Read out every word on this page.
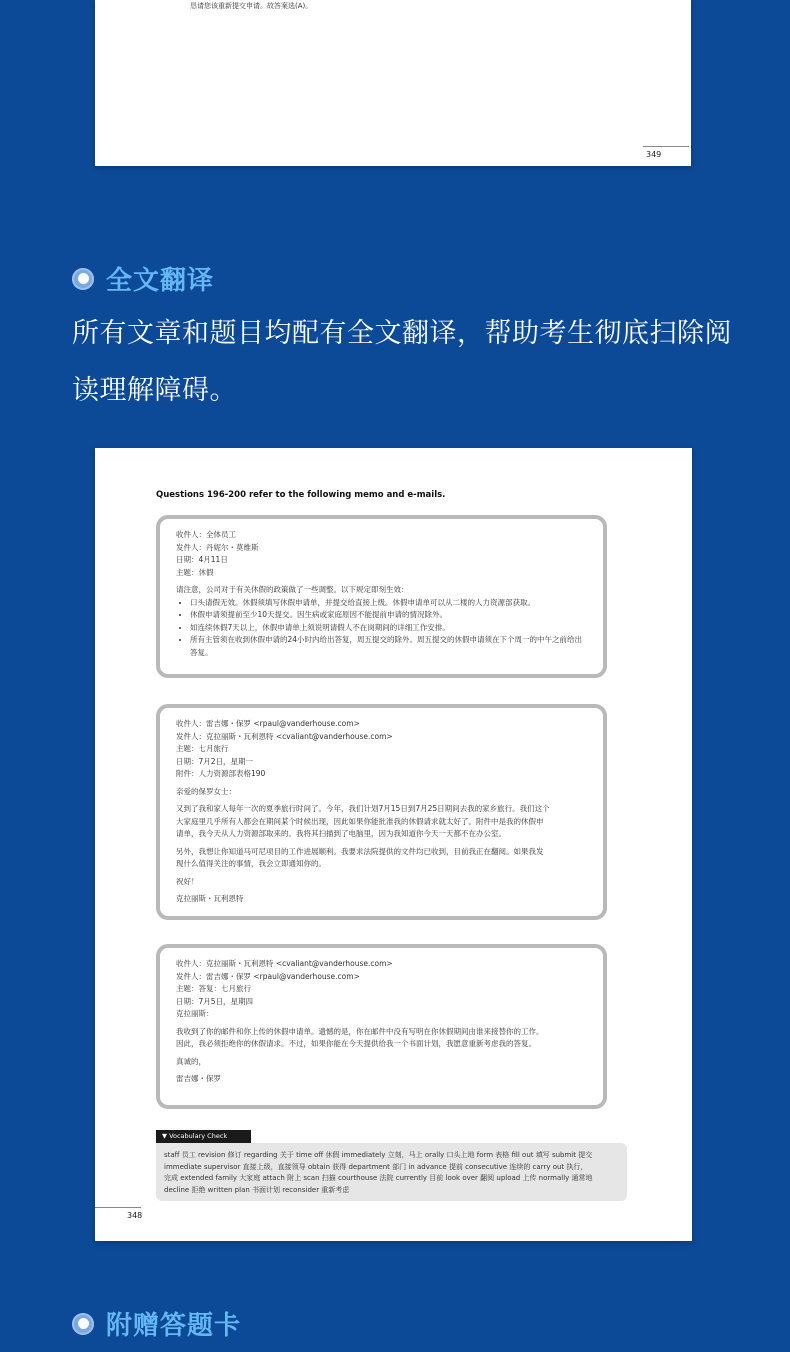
恳请您该重新提交申请。故答案选(A)。
349
全文翻译
所有文章和题目均配有全文翻译，帮助考生彻底扫除阅读理解障碍。
Questions 196-200 refer to the following memo and e-mails.
收件人：全体员工
发件人：丹妮尔・莫维斯
日期：4月11日
主题：休假
请注意，公司对于有关休假的政策做了一些调整。以下规定即刻生效：
• 口头请假无效。休假须填写休假申请单，并提交给直接上级。休假申请单可以从二楼的人力资源部获取。
• 休假申请须提前至少10天提交。因生病或家庭原因不能提前申请的情况除外。
• 如连续休假7天以上，休假申请单上须说明请假人不在岗期间的详细工作安排。
• 所有主管须在收到休假申请的24小时内给出答复，周五提交的除外。周五提交的休假申请须在下个周一的中午之前给出答复。
收件人：雷吉娜・保罗 <rpaul@vanderhouse.com>
发件人：克拉丽斯・瓦利恩特 <cvaliant@vanderhouse.com>
主题：七月旅行
日期：7月2日，星期一
附件：人力资源部表格190
亲爱的保罗女士：
又到了我和家人每年一次的夏季旅行时间了。今年，我们计划7月15日到7月25日期间去我的家乡旅行。我们这个
大家庭里几乎所有人都会在期间某个时候出现，因此如果你能批准我的休假请求就太好了。附件中是我的休假申
请单，我今天从人力资源部取来的。我将其扫描到了电脑里，因为我知道你今天一天都不在办公室。
另外，我想让你知道马可尼项目的工作进展顺利。我要求法院提供的文件均已收到，目前我正在翻阅。如果我发
现什么值得关注的事情，我会立即通知你的。
祝好！
克拉丽斯・瓦利恩特
收件人：克拉丽斯・瓦利恩特 <cvaliant@vanderhouse.com>
发件人：雷吉娜・保罗 <rpaul@vanderhouse.com>
主题：答复：七月旅行
日期：7月5日，星期四
克拉丽斯：
我收到了你的邮件和你上传的休假申请单。遗憾的是，你在邮件中没有写明在你休假期间由谁来接替你的工作。
因此，我必须拒绝你的休假请求。不过，如果你能在今天提供给我一个书面计划，我愿意重新考虑我的答复。
真诚的，
雷吉娜・保罗
▼ Vocabulary Check
staff 员工 revision 修订 regarding 关于 time off 休假 immediately 立刻，马上 orally 口头上地 form 表格 fill out 填写 submit 提交
immediate supervisor 直接上级，直接领导 obtain 获得 department 部门 in advance 提前 consecutive 连续的 carry out 执行，
完成 extended family 大家庭 attach 附上 scan 扫描 courthouse 法院 currently 目前 look over 翻阅 upload 上传 normally 通常地
decline 拒绝 written plan 书面计划 reconsider 重新考虑
348
附赠答题卡
